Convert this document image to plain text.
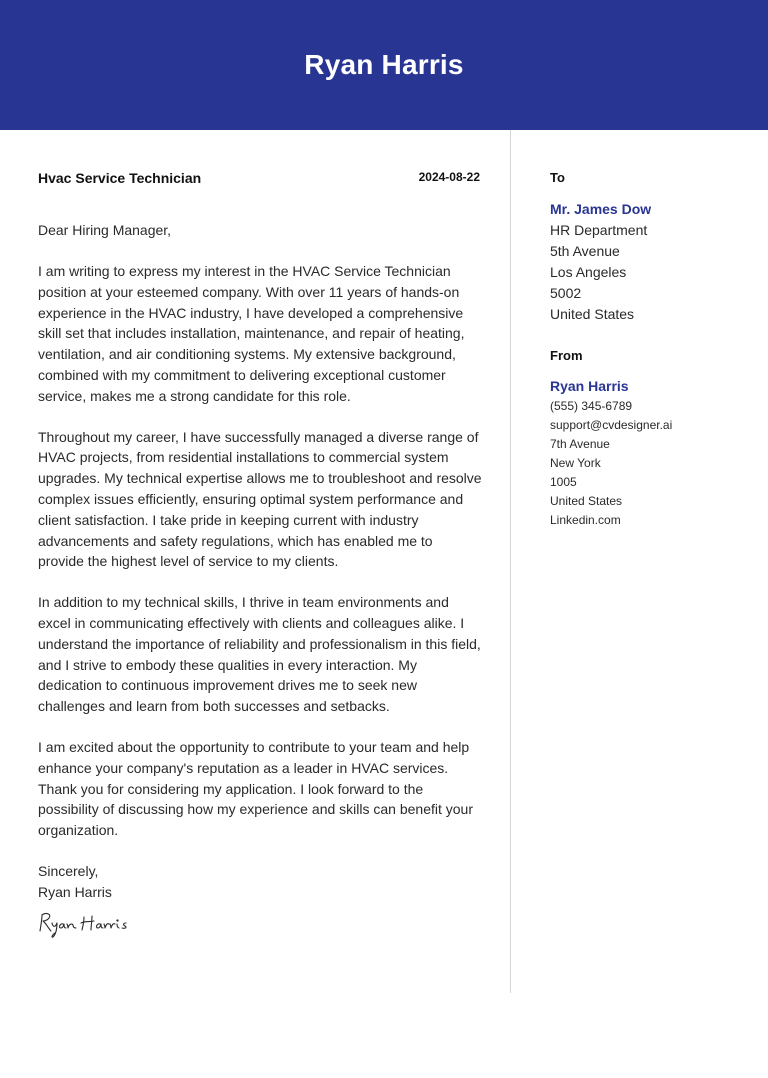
Ryan Harris
Hvac Service Technician	2024-08-22
Dear Hiring Manager,
I am writing to express my interest in the HVAC Service Technician position at your esteemed company. With over 11 years of hands-on experience in the HVAC industry, I have developed a comprehensive skill set that includes installation, maintenance, and repair of heating, ventilation, and air conditioning systems. My extensive background, combined with my commitment to delivering exceptional customer service, makes me a strong candidate for this role.
Throughout my career, I have successfully managed a diverse range of HVAC projects, from residential installations to commercial system upgrades. My technical expertise allows me to troubleshoot and resolve complex issues efficiently, ensuring optimal system performance and client satisfaction. I take pride in keeping current with industry advancements and safety regulations, which has enabled me to provide the highest level of service to my clients.
In addition to my technical skills, I thrive in team environments and excel in communicating effectively with clients and colleagues alike. I understand the importance of reliability and professionalism in this field, and I strive to embody these qualities in every interaction. My dedication to continuous improvement drives me to seek new challenges and learn from both successes and setbacks.
I am excited about the opportunity to contribute to your team and help enhance your company's reputation as a leader in HVAC services. Thank you for considering my application. I look forward to the possibility of discussing how my experience and skills can benefit your organization.
Sincerely,
Ryan Harris
To
Mr. James Dow
HR Department
5th Avenue
Los Angeles
5002
United States
From
Ryan Harris
(555) 345-6789
support@cvdesigner.ai
7th Avenue
New York
1005
United States
Linkedin.com
